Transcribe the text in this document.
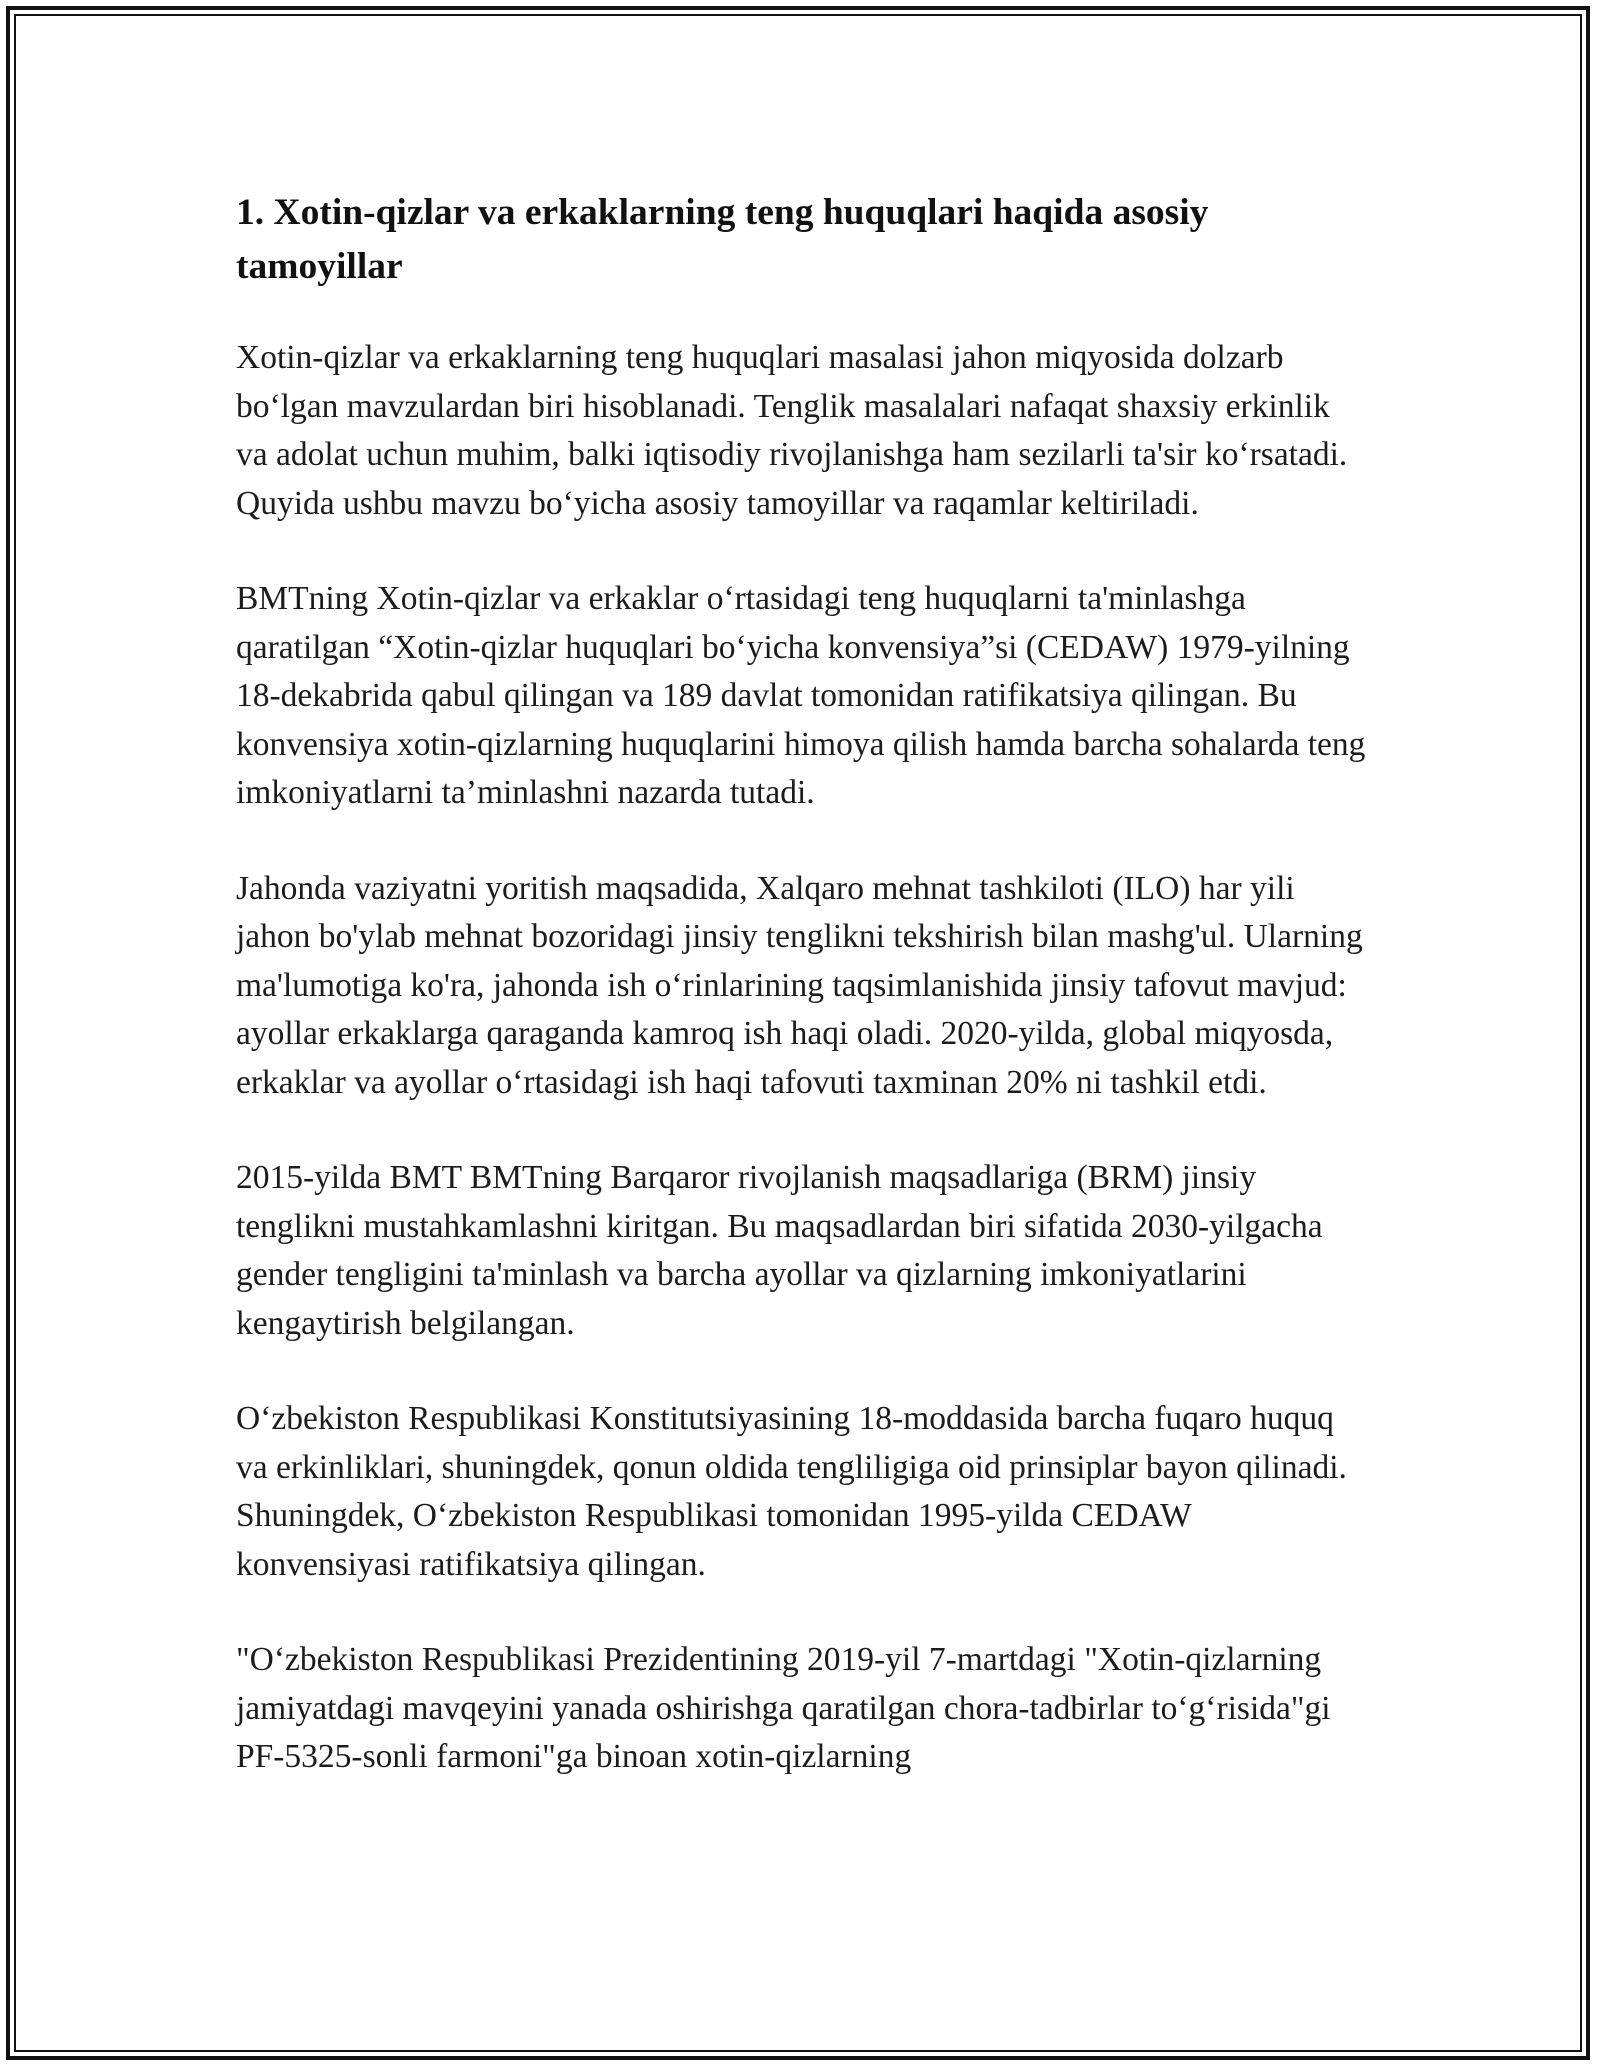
1. Xotin-qizlar va erkaklarning teng huquqlari haqida asosiy tamoyillar

Xotin-qizlar va erkaklarning teng huquqlari masalasi jahon miqyosida dolzarb bo‘lgan mavzulardan biri hisoblanadi. Tenglik masalalari nafaqat shaxsiy erkinlik va adolat uchun muhim, balki iqtisodiy rivojlanishga ham sezilarli ta'sir ko‘rsatadi. Quyida ushbu mavzu bo‘yicha asosiy tamoyillar va raqamlar keltiriladi.

BMTning Xotin-qizlar va erkaklar o‘rtasidagi teng huquqlarni ta'minlashga qaratilgan “Xotin-qizlar huquqlari bo‘yicha konvensiya”si (CEDAW) 1979-yilning 18-dekabrida qabul qilingan va 189 davlat tomonidan ratifikatsiya qilingan. Bu konvensiya xotin-qizlarning huquqlarini himoya qilish hamda barcha sohalarda teng imkoniyatlarni ta’minlashni nazarda tutadi.

Jahonda vaziyatni yoritish maqsadida, Xalqaro mehnat tashkiloti (ILO) har yili jahon bo'ylab mehnat bozoridagi jinsiy tenglikni tekshirish bilan mashg'ul. Ularning ma'lumotiga ko'ra, jahonda ish o‘rinlarining taqsimlanishida jinsiy tafovut mavjud: ayollar erkaklarga qaraganda kamroq ish haqi oladi. 2020-yilda, global miqyosda, erkaklar va ayollar o‘rtasidagi ish haqi tafovuti taxminan 20% ni tashkil etdi.

2015-yilda BMT BMTning Barqaror rivojlanish maqsadlariga (BRM) jinsiy tenglikni mustahkamlashni kiritgan. Bu maqsadlardan biri sifatida 2030-yilgacha gender tengligini ta'minlash va barcha ayollar va qizlarning imkoniyatlarini kengaytirish belgilangan.

O‘zbekiston Respublikasi Konstitutsiyasining 18-moddasida barcha fuqaro huquq va erkinliklari, shuningdek, qonun oldida tengliligiga oid prinsiplar bayon qilinadi. Shuningdek, O‘zbekiston Respublikasi tomonidan 1995-yilda CEDAW konvensiyasi ratifikatsiya qilingan.

"O‘zbekiston Respublikasi Prezidentining 2019-yil 7-martdagi "Xotin-qizlarning jamiyatdagi mavqeyini yanada oshirishga qaratilgan chora-tadbirlar to‘g‘risida"gi PF-5325-sonli farmoni"ga binoan xotin-qizlarning
